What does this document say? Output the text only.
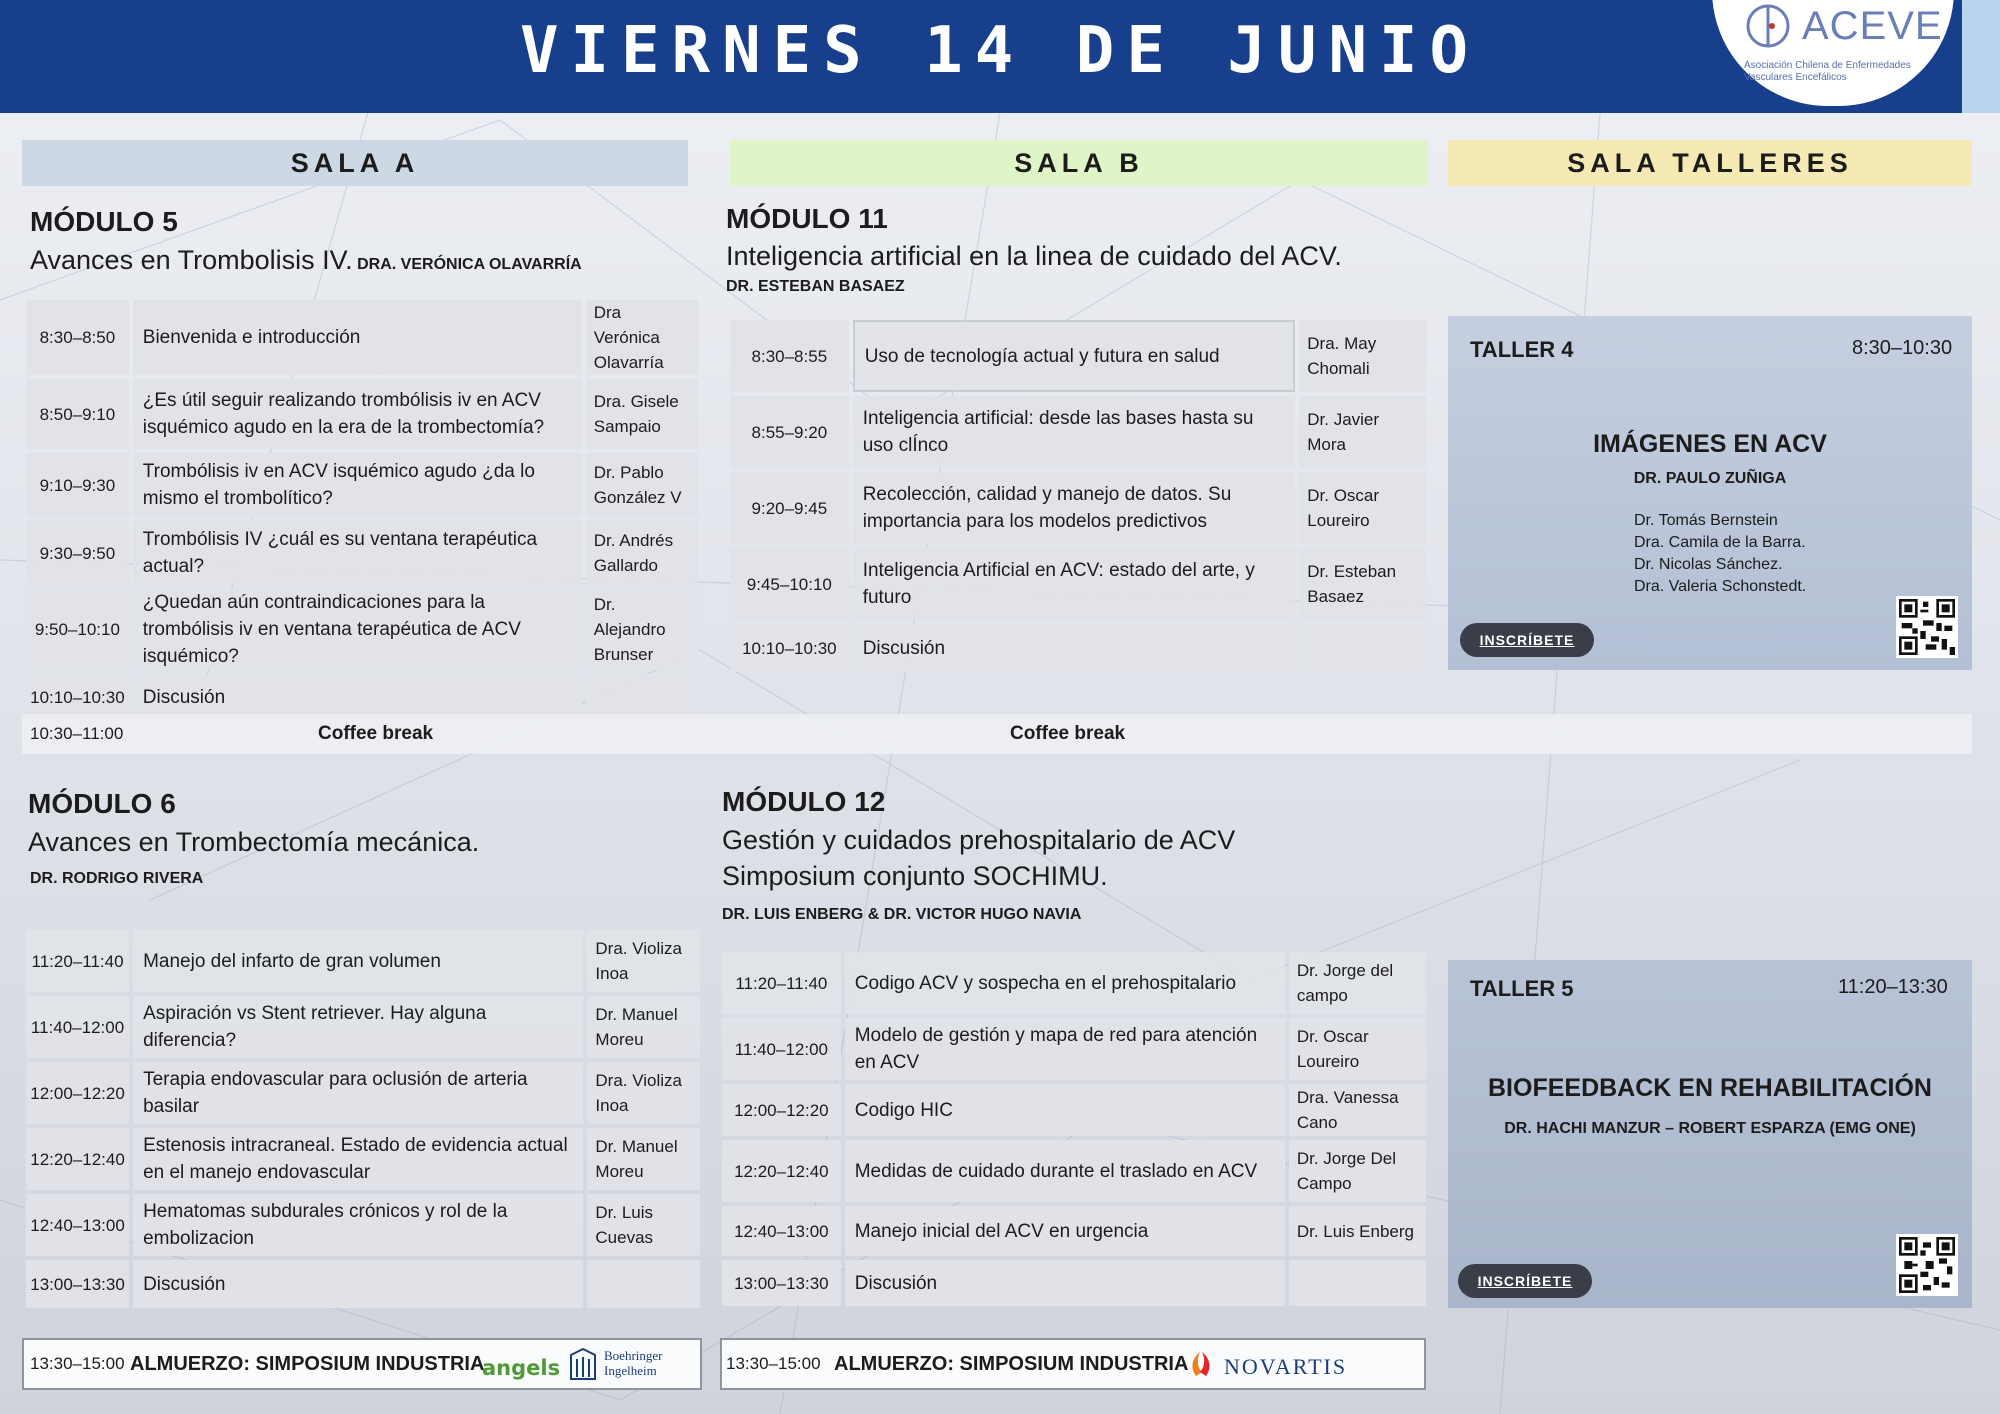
VIERNES 14 DE JUNIO	ACEVE
Asociación Chilena de Enfermedades Vasculares Encefálicos
SALA A	SALA B	SALA TALLERES
MÓDULO 5
Avances en Trombolisis IV. DRA. VERÓNICA OLAVARRÍA
8:30–8:50	Bienvenida e introducción	Dra Verónica Olavarría
8:50–9:10	¿Es útil seguir realizando trombólisis iv en ACV isquémico agudo en la era de la trombectomía?	Dra. Gisele Sampaio
9:10–9:30	Trombólisis iv en ACV isquémico agudo ¿da lo mismo el trombolítico?	Dr. Pablo González V
9:30–9:50	Trombólisis IV ¿cuál es su ventana terapéutica actual?	Dr. Andrés Gallardo
9:50–10:10	¿Quedan aún contraindicaciones para la trombólisis iv en ventana terapéutica de ACV isquémico?	Dr. Alejandro Brunser
10:10–10:30	Discusión	
MÓDULO 11
Inteligencia artificial en la linea de cuidado del ACV.
DR. ESTEBAN BASAEZ
8:30–8:55	Uso de tecnología actual y futura en salud	Dra. May Chomali
8:55–9:20	Inteligencia artificial: desde las bases hasta su uso clÍnco	Dr. Javier Mora
9:20–9:45	Recolección, calidad y manejo de datos. Su importancia para los modelos predictivos	Dr. Oscar Loureiro
9:45–10:10	Inteligencia Artificial en ACV: estado del arte, y futuro	Dr. Esteban Basaez
10:10–10:30	Discusión	
TALLER 4	8:30–10:30
IMÁGENES EN ACV
DR. PAULO ZUÑIGA
Dr. Tomás Bernstein
Dra. Camila de la Barra.
Dr. Nicolas Sánchez.
Dra. Valeria Schonstedt.
INSCRÍBETE
10:30–11:00	Coffee break	Coffee break
MÓDULO 6
Avances en Trombectomía mecánica.
DR. RODRIGO RIVERA
11:20–11:40	Manejo del infarto de gran volumen	Dra. Violiza Inoa
11:40–12:00	Aspiración vs Stent retriever. Hay alguna diferencia?	Dr. Manuel Moreu
12:00–12:20	Terapia endovascular para oclusión de arteria basilar	Dra. Violiza Inoa
12:20–12:40	Estenosis intracraneal. Estado de evidencia actual en el manejo endovascular	Dr. Manuel Moreu
12:40–13:00	Hematomas subdurales crónicos y rol de la embolizacion	Dr. Luis Cuevas
13:00–13:30	Discusión	
MÓDULO 12
Gestión y cuidados prehospitalario de ACV
Simposium conjunto SOCHIMU.
DR. LUIS ENBERG & DR. VICTOR HUGO NAVIA
11:20–11:40	Codigo ACV y sospecha en el prehospitalario	Dr. Jorge del campo
11:40–12:00	Modelo de gestión y mapa de red para atención en ACV	Dr. Oscar Loureiro
12:00–12:20	Codigo HIC	Dra. Vanessa Cano
12:20–12:40	Medidas de cuidado durante el traslado en ACV	Dr. Jorge Del Campo
12:40–13:00	Manejo inicial del ACV en urgencia	Dr. Luis Enberg
13:00–13:30	Discusión	
TALLER 5	11:20–13:30
BIOFEEDBACK EN REHABILITACIÓN
DR. HACHI MANZUR – ROBERT ESPARZA (EMG ONE)
INSCRÍBETE
13:30–15:00 ALMUERZO: SIMPOSIUM INDUSTRIA
angels
Boehringer
Ingelheim	13:30–15:00 ALMUERZO: SIMPOSIUM INDUSTRIA NOVARTIS
